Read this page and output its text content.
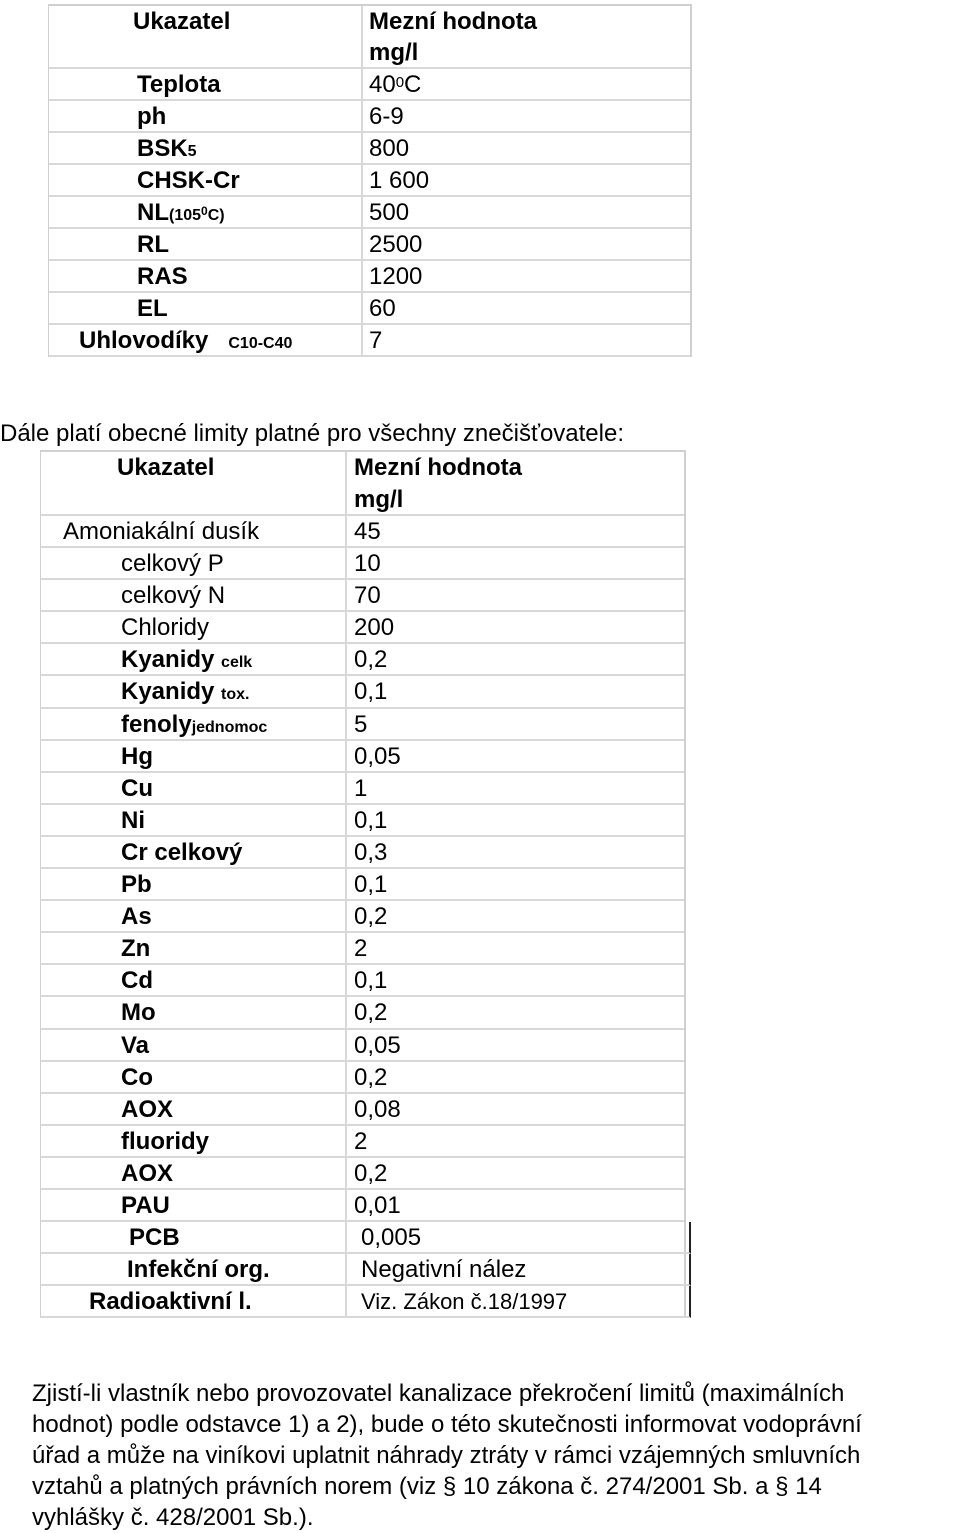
Ukazatel	Mezní hodnota
mg/l
Teplota	$40^0C$
ph	6-9
BSK5	800
CHSK-Cr	1 600
$NL(105^0C)$	500
RL	2500
RAS	1200
EL	60
Uhlovodíky C10-C40	7
Dále platí obecné limity platné pro všechny znečišťovatele:
Ukazatel	Mezní hodnota
mg/l
Amoniakální dusík	45
celkový P	10
celkový N	70
Chloridy	200
Kyanidy celk	0,2
Kyanidy tox.	0,1
fenolyjednomoc	5
Hg	0,05
Cu	1
Ni	0,1
Cr celkový	0,3
Pb	0,1
As	0,2
Zn	2
Cd	0,1
Mo	0,2
Va	0,05
Co	0,2
AOX	0,08
fluoridy	2
AOX	0,2
PAU	0,01
PCB	0,005
Infekční org.	Negativní nález
Radioaktivní l.	Viz. Zákon č.18/1997
Zjistí-li vlastník nebo provozovatel kanalizace překročení limitů (maximálních
hodnot) podle odstavce 1) a 2), bude o této skutečnosti informovat vodoprávní
úřad a může na viníkovi uplatnit náhrady ztráty v rámci vzájemných smluvních
vztahů a platných právních norem (viz § 10 zákona č. 274/2001 Sb. a § 14
vyhlášky č. 428/2001 Sb.).
